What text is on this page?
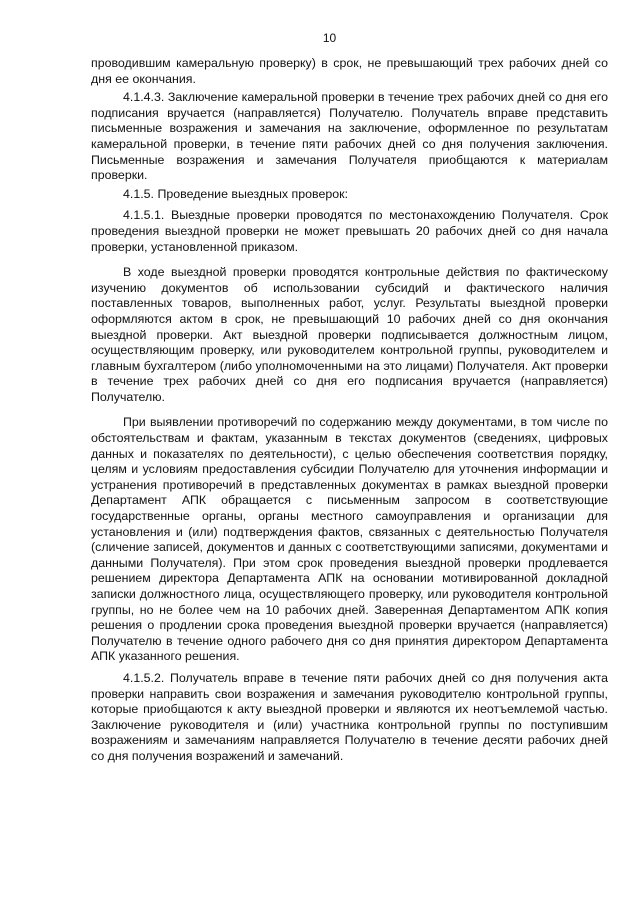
10

проводившим камеральную проверку) в срок, не превышающий трех рабочих дней со дня ее окончания.

4.1.4.3. Заключение камеральной проверки в течение трех рабочих дней со дня его подписания вручается (направляется) Получателю. Получатель вправе представить письменные возражения и замечания на заключение, оформленное по результатам камеральной проверки, в течение пяти рабочих дней со дня получения заключения. Письменные возражения и замечания Получателя приобщаются к материалам проверки.

4.1.5. Проведение выездных проверок:

4.1.5.1. Выездные проверки проводятся по местонахождению Получателя. Срок проведения выездной проверки не может превышать 20 рабочих дней со дня начала проверки, установленной приказом.

В ходе выездной проверки проводятся контрольные действия по фактическому изучению документов об использовании субсидий и фактического наличия поставленных товаров, выполненных работ, услуг. Результаты выездной проверки оформляются актом в срок, не превышающий 10 рабочих дней со дня окончания выездной проверки. Акт выездной проверки подписывается должностным лицом, осуществляющим проверку, или руководителем контрольной группы, руководителем и главным бухгалтером (либо уполномоченными на это лицами) Получателя. Акт проверки в течение трех рабочих дней со дня его подписания вручается (направляется) Получателю.

При выявлении противоречий по содержанию между документами, в том числе по обстоятельствам и фактам, указанным в текстах документов (сведениях, цифровых данных и показателях по деятельности), с целью обеспечения соответствия порядку, целям и условиям предоставления субсидии Получателю для уточнения информации и устранения противоречий в представленных документах в рамках выездной проверки Департамент АПК обращается с письменным запросом в соответствующие государственные органы, органы местного самоуправления и организации для установления и (или) подтверждения фактов, связанных с деятельностью Получателя (сличение записей, документов и данных с соответствующими записями, документами и данными Получателя). При этом срок проведения выездной проверки продлевается решением директора Департамента АПК на основании мотивированной докладной записки должностного лица, осуществляющего проверку, или руководителя контрольной группы, но не более чем на 10 рабочих дней. Заверенная Департаментом АПК копия решения о продлении срока проведения выездной проверки вручается (направляется) Получателю в течение одного рабочего дня со дня принятия директором Департамента АПК указанного решения.

4.1.5.2. Получатель вправе в течение пяти рабочих дней со дня получения акта проверки направить свои возражения и замечания руководителю контрольной группы, которые приобщаются к акту выездной проверки и являются их неотъемлемой частью. Заключение руководителя и (или) участника контрольной группы по поступившим возражениям и замечаниям направляется Получателю в течение десяти рабочих дней со дня получения возражений и замечаний.
